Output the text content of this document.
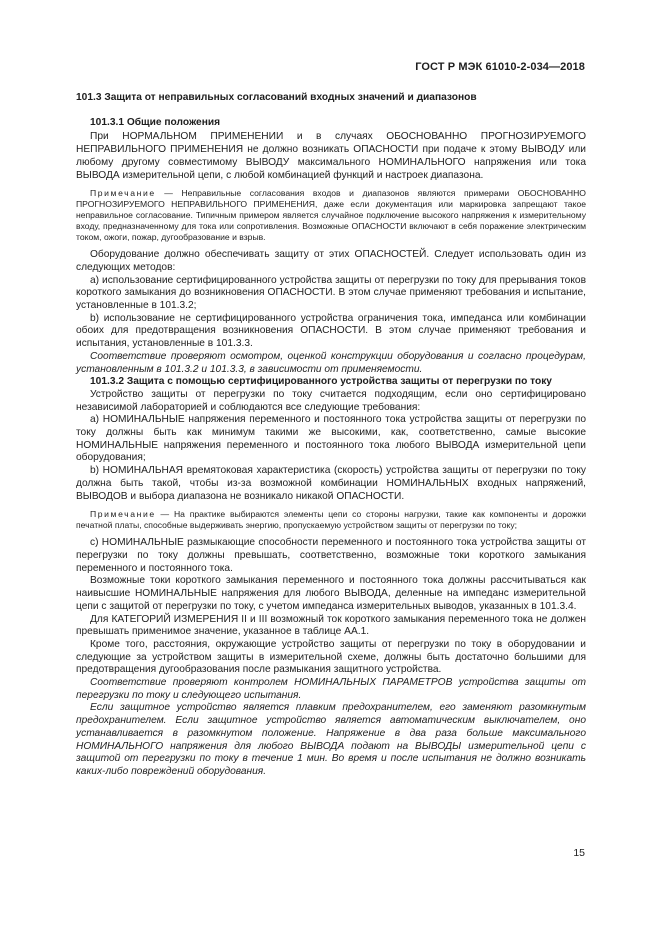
ГОСТ Р МЭК 61010-2-034—2018

101.3 Защита от неправильных согласований входных значений и диапазонов

101.3.1 Общие положения

При НОРМАЛЬНОМ ПРИМЕНЕНИИ и в случаях ОБОСНОВАННО ПРОГНОЗИРУЕМОГО НЕПРАВИЛЬНОГО ПРИМЕНЕНИЯ не должно возникать ОПАСНОСТИ при подаче к этому ВЫВОДУ или любому другому совместимому ВЫВОДУ максимального НОМИНАЛЬНОГО напряжения или тока ВЫВОДА измерительной цепи, с любой комбинацией функций и настроек диапазона.

Примечание — Неправильные согласования входов и диапазонов являются примерами ОБОСНОВАННО ПРОГНОЗИРУЕМОГО НЕПРАВИЛЬНОГО ПРИМЕНЕНИЯ, даже если документация или маркировка запрещают такое неправильное согласование. Типичным примером является случайное подключение высокого напряжения к измерительному входу, предназначенному для тока или сопротивления. Возможные ОПАСНОСТИ включают в себя поражение электрическим током, ожоги, пожар, дугообразование и взрыв.

Оборудование должно обеспечивать защиту от этих ОПАСНОСТЕЙ. Следует использовать один из следующих методов:

a) использование сертифицированного устройства защиты от перегрузки по току для прерывания токов короткого замыкания до возникновения ОПАСНОСТИ. В этом случае применяют требования и испытание, установленные в 101.3.2;

b) использование не сертифицированного устройства ограничения тока, импеданса или комбинации обоих для предотвращения возникновения ОПАСНОСТИ. В этом случае применяют требования и испытания, установленные в 101.3.3.

Соответствие проверяют осмотром, оценкой конструкции оборудования и согласно процедурам, установленным в 101.3.2 и 101.3.3, в зависимости от применяемости.

101.3.2 Защита с помощью сертифицированного устройства защиты от перегрузки по току

Устройство защиты от перегрузки по току считается подходящим, если оно сертифицировано независимой лабораторией и соблюдаются все следующие требования:

a) НОМИНАЛЬНЫЕ напряжения переменного и постоянного тока устройства защиты от перегрузки по току должны быть как минимум такими же высокими, как, соответственно, самые высокие НОМИНАЛЬНЫЕ напряжения переменного и постоянного тока любого ВЫВОДА измерительной цепи оборудования;

b) НОМИНАЛЬНАЯ времятоковая характеристика (скорость) устройства защиты от перегрузки по току должна быть такой, чтобы из-за возможной комбинации НОМИНАЛЬНЫХ входных напряжений, ВЫВОДОВ и выбора диапазона не возникало никакой ОПАСНОСТИ.

Примечание — На практике выбираются элементы цепи со стороны нагрузки, такие как компоненты и дорожки печатной платы, способные выдерживать энергию, пропускаемую устройством защиты от перегрузки по току;

c) НОМИНАЛЬНЫЕ размыкающие способности переменного и постоянного тока устройства защиты от перегрузки по току должны превышать, соответственно, возможные токи короткого замыкания переменного и постоянного тока.

Возможные токи короткого замыкания переменного и постоянного тока должны рассчитываться как наивысшие НОМИНАЛЬНЫЕ напряжения для любого ВЫВОДА, деленные на импеданс измерительной цепи с защитой от перегрузки по току, с учетом импеданса измерительных выводов, указанных в 101.3.4.

Для КАТЕГОРИЙ ИЗМЕРЕНИЯ II и III возможный ток короткого замыкания переменного тока не должен превышать применимое значение, указанное в таблице АА.1.

Кроме того, расстояния, окружающие устройство защиты от перегрузки по току в оборудовании и следующие за устройством защиты в измерительной схеме, должны быть достаточно большими для предотвращения дугообразования после размыкания защитного устройства.

Соответствие проверяют контролем НОМИНАЛЬНЫХ ПАРАМЕТРОВ устройства защиты от перегрузки по току и следующего испытания.

Если защитное устройство является плавким предохранителем, его заменяют разомкнутым предохранителем. Если защитное устройство является автоматическим выключателем, оно устанавливается в разомкнутом положение. Напряжение в два раза больше максимального НОМИНАЛЬНОГО напряжения для любого ВЫВОДА подают на ВЫВОДЫ измерительной цепи с защитой от перегрузки по току в течение 1 мин. Во время и после испытания не должно возникать каких-либо повреждений оборудования.

15
